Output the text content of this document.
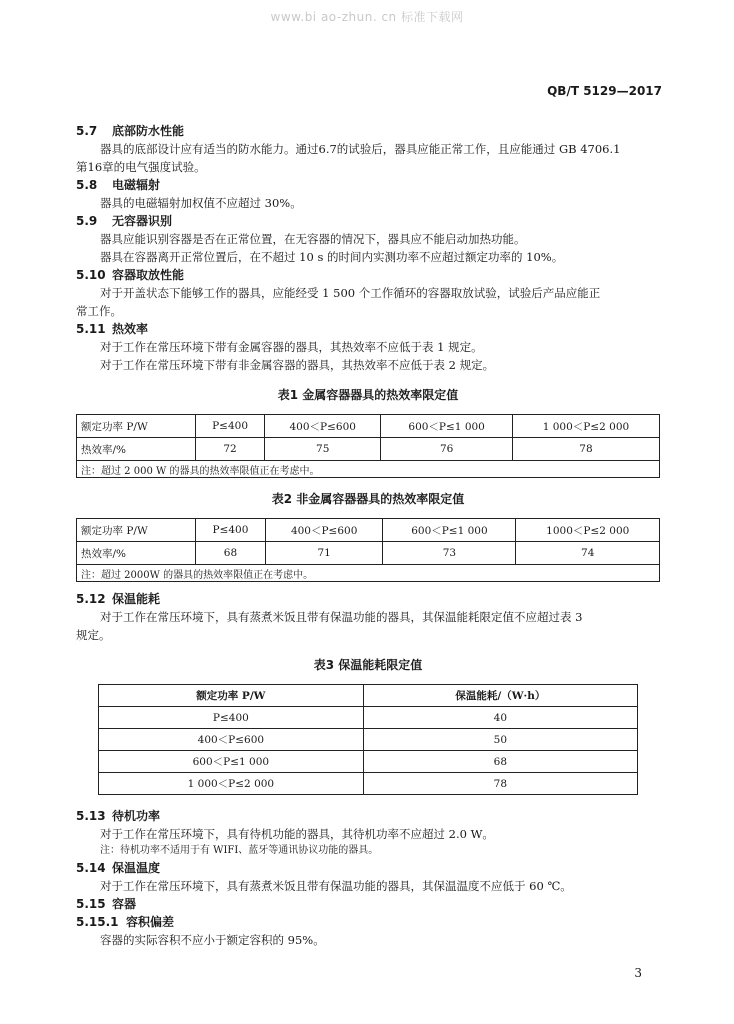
www.bi ao-zhun. cn 标准下载网
QB/T 5129—2017
5.7 底部防水性能
器具的底部设计应有适当的防水能力。通过6.7的试验后，器具应能正常工作，且应能通过 GB 4706.1
第16章的电气强度试验。
5.8 电磁辐射
器具的电磁辐射加权值不应超过 30%。
5.9 无容器识别
器具应能识别容器是否在正常位置，在无容器的情况下，器具应不能启动加热功能。
器具在容器离开正常位置后，在不超过 10 s 的时间内实测功率不应超过额定功率的 10%。
5.10 容器取放性能
对于开盖状态下能够工作的器具，应能经受 1 500 个工作循环的容器取放试验，试验后产品应能正
常工作。
5.11 热效率
对于工作在常压环境下带有金属容器的器具，其热效率不应低于表 1 规定。
对于工作在常压环境下带有非金属容器的器具，其热效率不应低于表 2 规定。
表1 金属容器器具的热效率限定值
额定功率 P/W	P≤400	400＜P≤600	600＜P≤1 000	1 000＜P≤2 000
热效率/%	72	75	76	78
注：超过 2 000 W 的器具的热效率限值正在考虑中。				
表2 非金属容器器具的热效率限定值
额定功率 P/W	P≤400	400＜P≤600	600＜P≤1 000	1000＜P≤2 000
热效率/%	68	71	73	74
注：超过 2000W 的器具的热效率限值正在考虑中。				
5.12 保温能耗
对于工作在常压环境下，具有蒸煮米饭且带有保温功能的器具，其保温能耗限定值不应超过表 3
规定。
表3 保温能耗限定值
额定功率 P/W	保温能耗/（W·h）
P≤400	40
400＜P≤600	50
600＜P≤1 000	68
1 000＜P≤2 000	78
5.13 待机功率
对于工作在常压环境下，具有待机功能的器具，其待机功率不应超过 2.0 W。
注：待机功率不适用于有 WIFI、蓝牙等通讯协议功能的器具。
5.14 保温温度
对于工作在常压环境下，具有蒸煮米饭且带有保温功能的器具，其保温温度不应低于 60 ℃。
5.15 容器
5.15.1 容积偏差
容器的实际容积不应小于额定容积的 95%。
3
